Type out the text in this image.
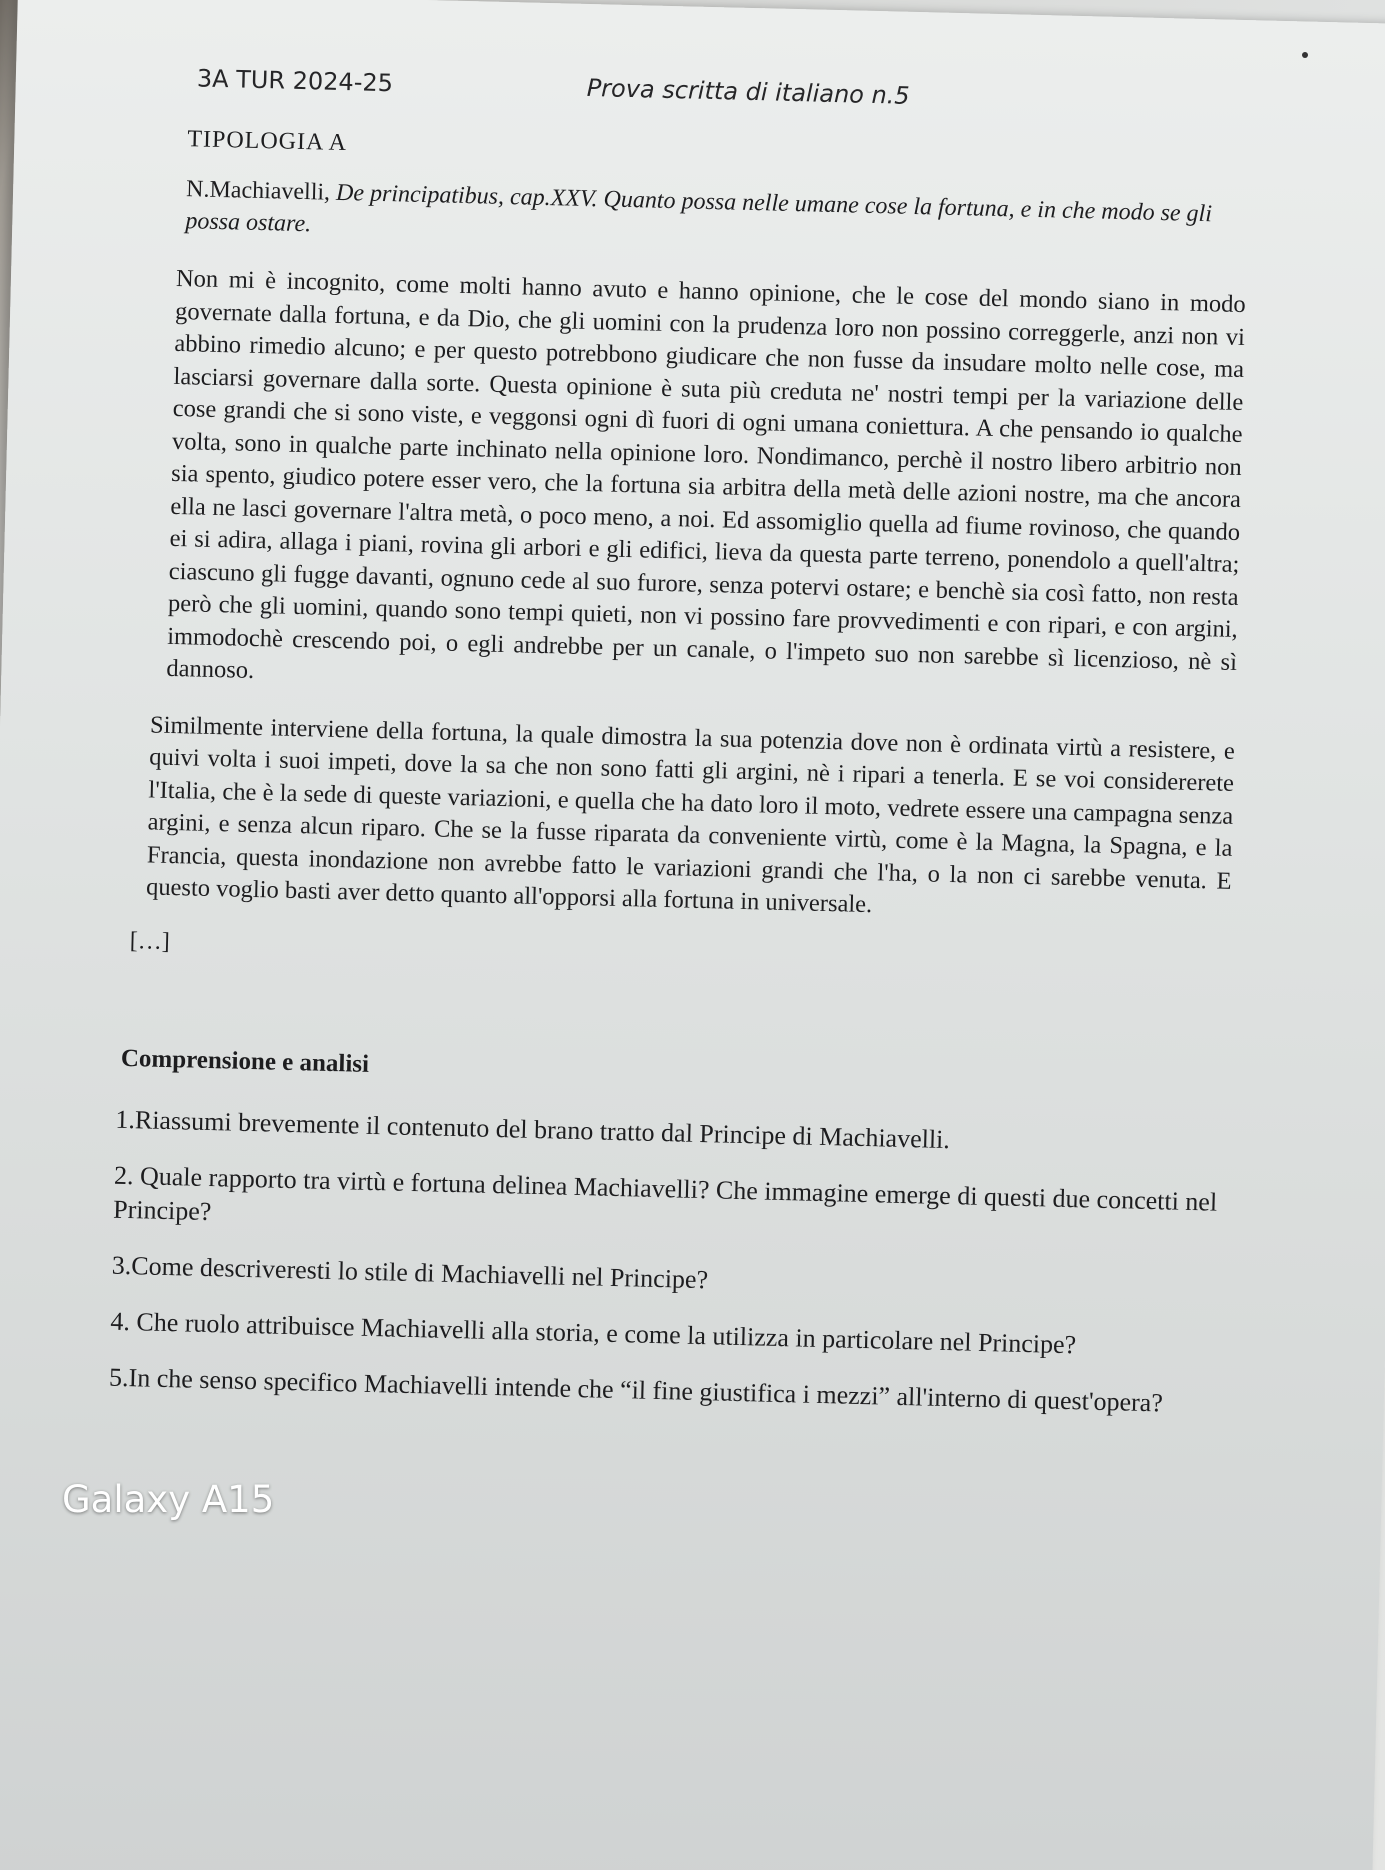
3A TUR 2024-25	Prova scritta di italiano n.5
TIPOLOGIA A
N.Machiavelli, De principatibus, cap.XXV. Quanto possa nelle umane cose la fortuna, e in che modo se gli possa ostare.

Non mi è incognito, come molti hanno avuto e hanno opinione, che le cose del mondo siano in modo governate dalla fortuna, e da Dio, che gli uomini con la prudenza loro non possino correggerle, anzi non vi abbino rimedio alcuno; e per questo potrebbono giudicare che non fusse da insudare molto nelle cose, ma lasciarsi governare dalla sorte. Questa opinione è suta più creduta ne' nostri tempi per la variazione delle cose grandi che si sono viste, e veggonsi ogni dì fuori di ogni umana coniettura. A che pensando io qualche volta, sono in qualche parte inchinato nella opinione loro. Nondimanco, perchè il nostro libero arbitrio non sia spento, giudico potere esser vero, che la fortuna sia arbitra della metà delle azioni nostre, ma che ancora ella ne lasci governare l'altra metà, o poco meno, a noi. Ed assomiglio quella ad fiume rovinoso, che quando ei si adira, allaga i piani, rovina gli arbori e gli edifici, lieva da questa parte terreno, ponendolo a quell'altra; ciascuno gli fugge davanti, ognuno cede al suo furore, senza potervi ostare; e benchè sia così fatto, non resta però che gli uomini, quando sono tempi quieti, non vi possino fare provvedimenti e con ripari, e con argini, immodochè crescendo poi, o egli andrebbe per un canale, o l'impeto suo non sarebbe sì licenzioso, nè sì dannoso.

Similmente interviene della fortuna, la quale dimostra la sua potenzia dove non è ordinata virtù a resistere, e quivi volta i suoi impeti, dove la sa che non sono fatti gli argini, nè i ripari a tenerla. E se voi considererete l'Italia, che è la sede di queste variazioni, e quella che ha dato loro il moto, vedrete essere una campagna senza argini, e senza alcun riparo. Che se la fusse riparata da conveniente virtù, come è la Magna, la Spagna, e la Francia, questa inondazione non avrebbe fatto le variazioni grandi che l'ha, o la non ci sarebbe venuta. E questo voglio basti aver detto quanto all'opporsi alla fortuna in universale.

[…]
Comprensione e analisi
1.Riassumi brevemente il contenuto del brano tratto dal Principe di Machiavelli.
2. Quale rapporto tra virtù e fortuna delinea Machiavelli? Che immagine emerge di questi due concetti nel Principe?
3.Come descriveresti lo stile di Machiavelli nel Principe?
4. Che ruolo attribuisce Machiavelli alla storia, e come la utilizza in particolare nel Principe?
5.In che senso specifico Machiavelli intende che “il fine giustifica i mezzi” all'interno di quest'opera?
Galaxy A15
